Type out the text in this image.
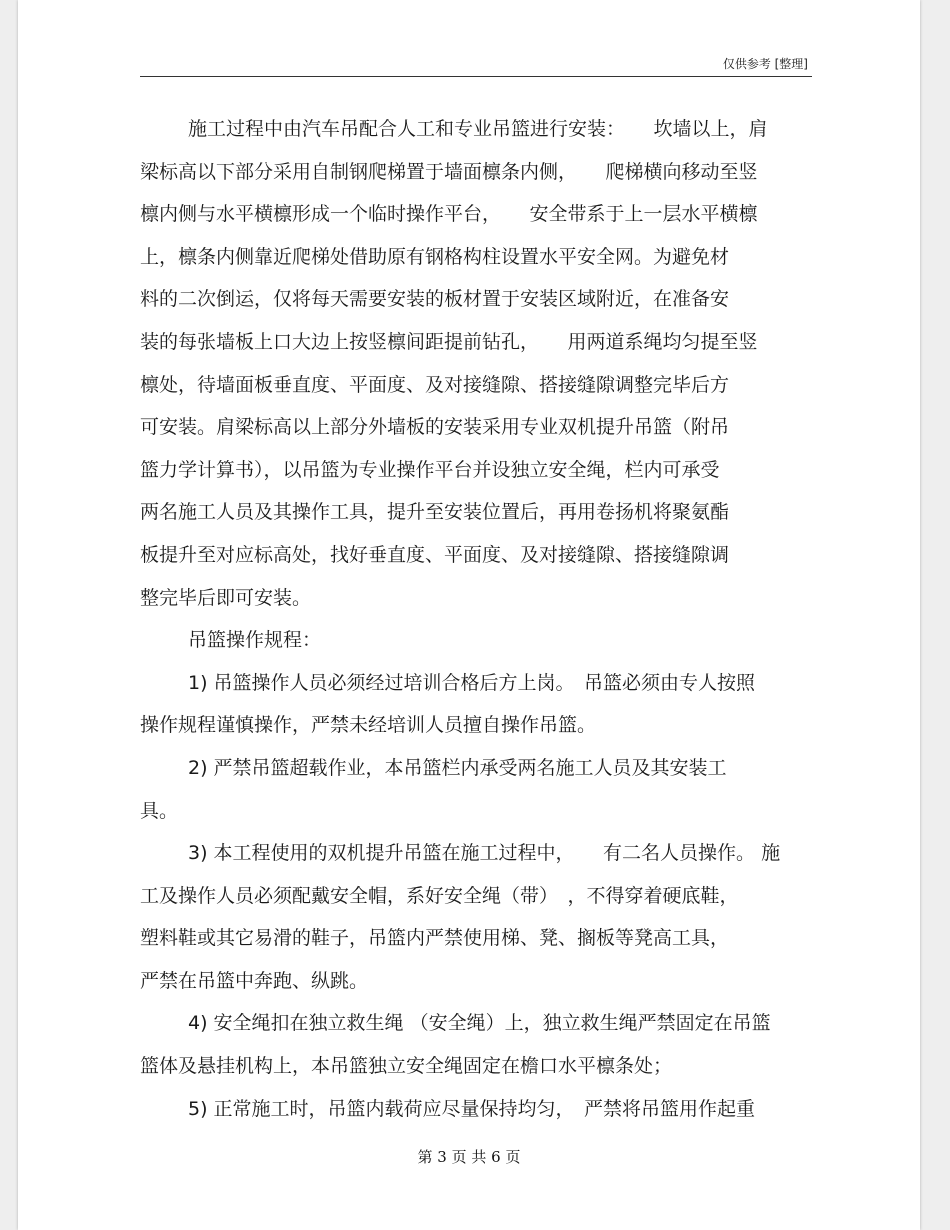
仅供参考 [整理]
施工过程中由汽车吊配合人工和专业吊篮进行安装：　　坎墙以上，肩
梁标高以下部分采用自制钢爬梯置于墙面檩条内侧，　　爬梯横向移动至竖
檩内侧与水平横檩形成一个临时操作平台，　　安全带系于上一层水平横檩
上，檩条内侧靠近爬梯处借助原有钢格构柱设置水平安全网。为避免材
料的二次倒运，仅将每天需要安装的板材置于安装区域附近，在准备安
装的每张墙板上口大边上按竖檩间距提前钻孔，　　用两道系绳均匀提至竖
檩处，待墙面板垂直度、平面度、及对接缝隙、搭接缝隙调整完毕后方
可安装。肩梁标高以上部分外墙板的安装采用专业双机提升吊篮（附吊
篮力学计算书），以吊篮为专业操作平台并设独立安全绳，栏内可承受
两名施工人员及其操作工具，提升至安装位置后，再用卷扬机将聚氨酯
板提升至对应标高处，找好垂直度、平面度、及对接缝隙、搭接缝隙调
整完毕后即可安装。
吊篮操作规程：
1) 吊篮操作人员必须经过培训合格后方上岗。　吊篮必须由专人按照
操作规程谨慎操作，严禁未经培训人员擅自操作吊篮。
2) 严禁吊篮超载作业，本吊篮栏内承受两名施工人员及其安装工
具。
3) 本工程使用的双机提升吊篮在施工过程中，　　有二名人员操作。 施
工及操作人员必须配戴安全帽，系好安全绳（带）　，不得穿着硬底鞋，
塑料鞋或其它易滑的鞋子，吊篮内严禁使用梯、凳、搁板等凳高工具，
严禁在吊篮中奔跑、纵跳。
4) 安全绳扣在独立救生绳 （安全绳）上，独立救生绳严禁固定在吊篮
篮体及悬挂机构上，本吊篮独立安全绳固定在檐口水平檩条处；
5) 正常施工时，吊篮内载荷应尽量保持均匀，　严禁将吊篮用作起重
第 3 页 共 6 页
